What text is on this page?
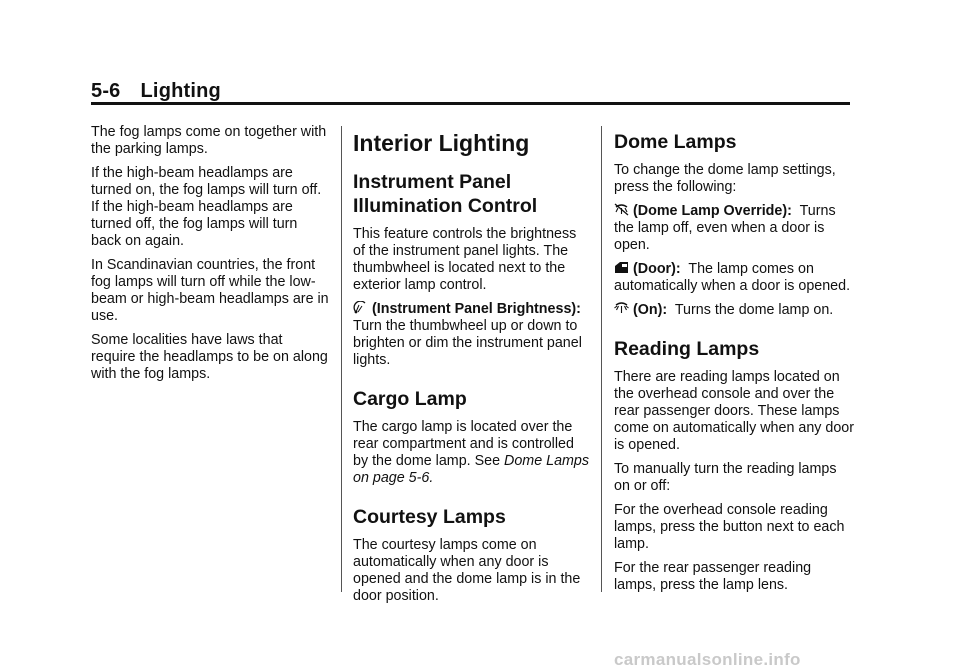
5-6 Lighting

The fog lamps come on together with the parking lamps.

If the high-beam headlamps are turned on, the fog lamps will turn off. If the high-beam headlamps are turned off, the fog lamps will turn back on again.

In Scandinavian countries, the front fog lamps will turn off while the low-beam or high-beam headlamps are in use.

Some localities have laws that require the headlamps to be on along with the fog lamps.

Interior Lighting
Instrument Panel Illumination Control

This feature controls the brightness of the instrument panel lights. The thumbwheel is located next to the exterior lamp control.

(Instrument Panel Brightness): Turn the thumbwheel up or down to brighten or dim the instrument panel lights.

Cargo Lamp

The cargo lamp is located over the rear compartment and is controlled by the dome lamp. See Dome Lamps on page 5-6.

Courtesy Lamps

The courtesy lamps come on automatically when any door is opened and the dome lamp is in the door position.

Dome Lamps

To change the dome lamp settings, press the following:

(Dome Lamp Override): Turns the lamp off, even when a door is open.

(Door): The lamp comes on automatically when a door is opened.

(On): Turns the dome lamp on.

Reading Lamps

There are reading lamps located on the overhead console and over the rear passenger doors. These lamps come on automatically when any door is opened.

To manually turn the reading lamps on or off:

For the overhead console reading lamps, press the button next to each lamp.

For the rear passenger reading lamps, press the lamp lens.

carmanualsonline.info
